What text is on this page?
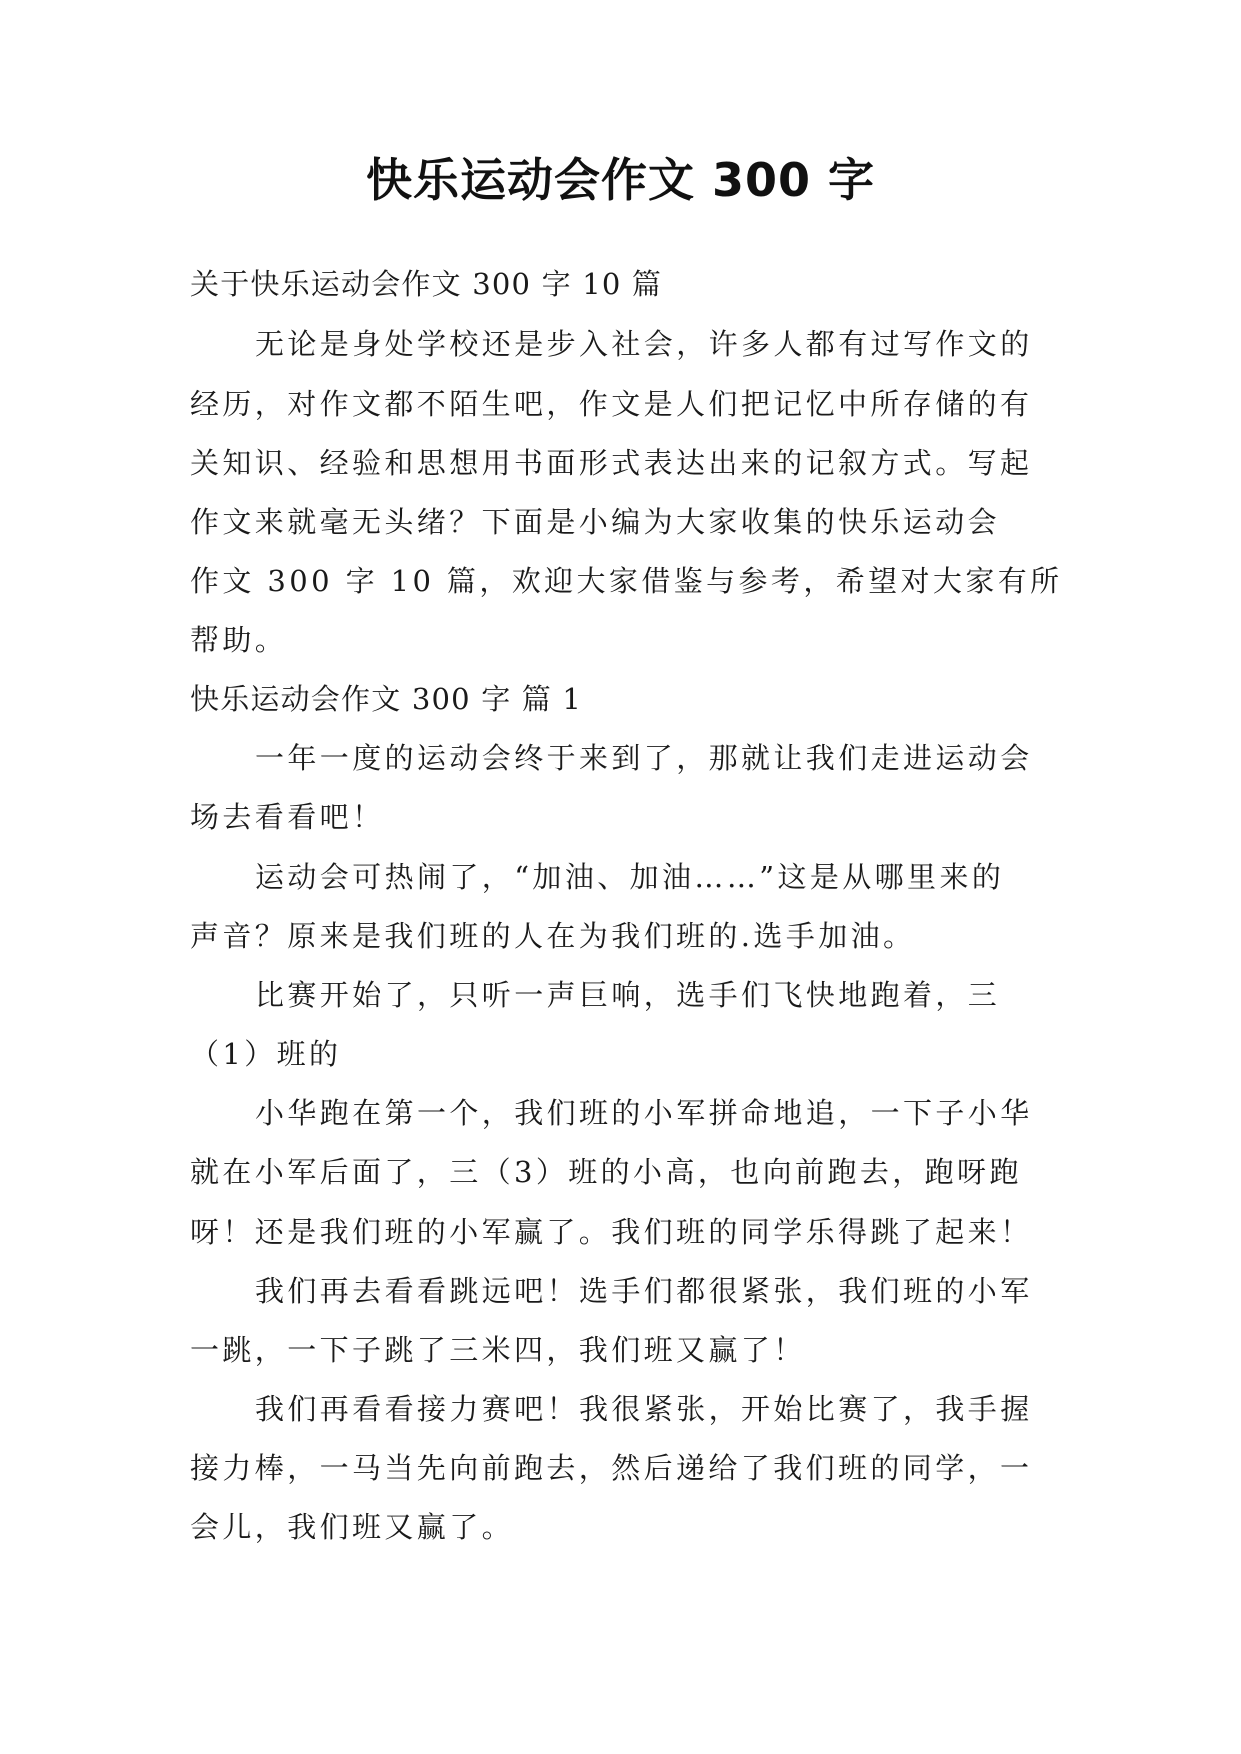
快乐运动会作文 300 字
关于快乐运动会作文 300 字 10 篇
无论是身处学校还是步入社会，许多人都有过写作文的
经历，对作文都不陌生吧，作文是人们把记忆中所存储的有
关知识、经验和思想用书面形式表达出来的记叙方式。写起
作文来就毫无头绪？下面是小编为大家收集的快乐运动会
作文 300 字 10 篇，欢迎大家借鉴与参考，希望对大家有所
帮助。
快乐运动会作文 300 字 篇 1
一年一度的运动会终于来到了，那就让我们走进运动会
场去看看吧！
运动会可热闹了，“加油、加油……”这是从哪里来的
声音？原来是我们班的人在为我们班的.选手加油。
比赛开始了，只听一声巨响，选手们飞快地跑着，三
（1）班的
小华跑在第一个，我们班的小军拼命地追，一下子小华
就在小军后面了，三（3）班的小高，也向前跑去，跑呀跑
呀！还是我们班的小军赢了。我们班的同学乐得跳了起来！
我们再去看看跳远吧！选手们都很紧张，我们班的小军
一跳，一下子跳了三米四，我们班又赢了！
我们再看看接力赛吧！我很紧张，开始比赛了，我手握
接力棒，一马当先向前跑去，然后递给了我们班的同学，一
会儿，我们班又赢了。
